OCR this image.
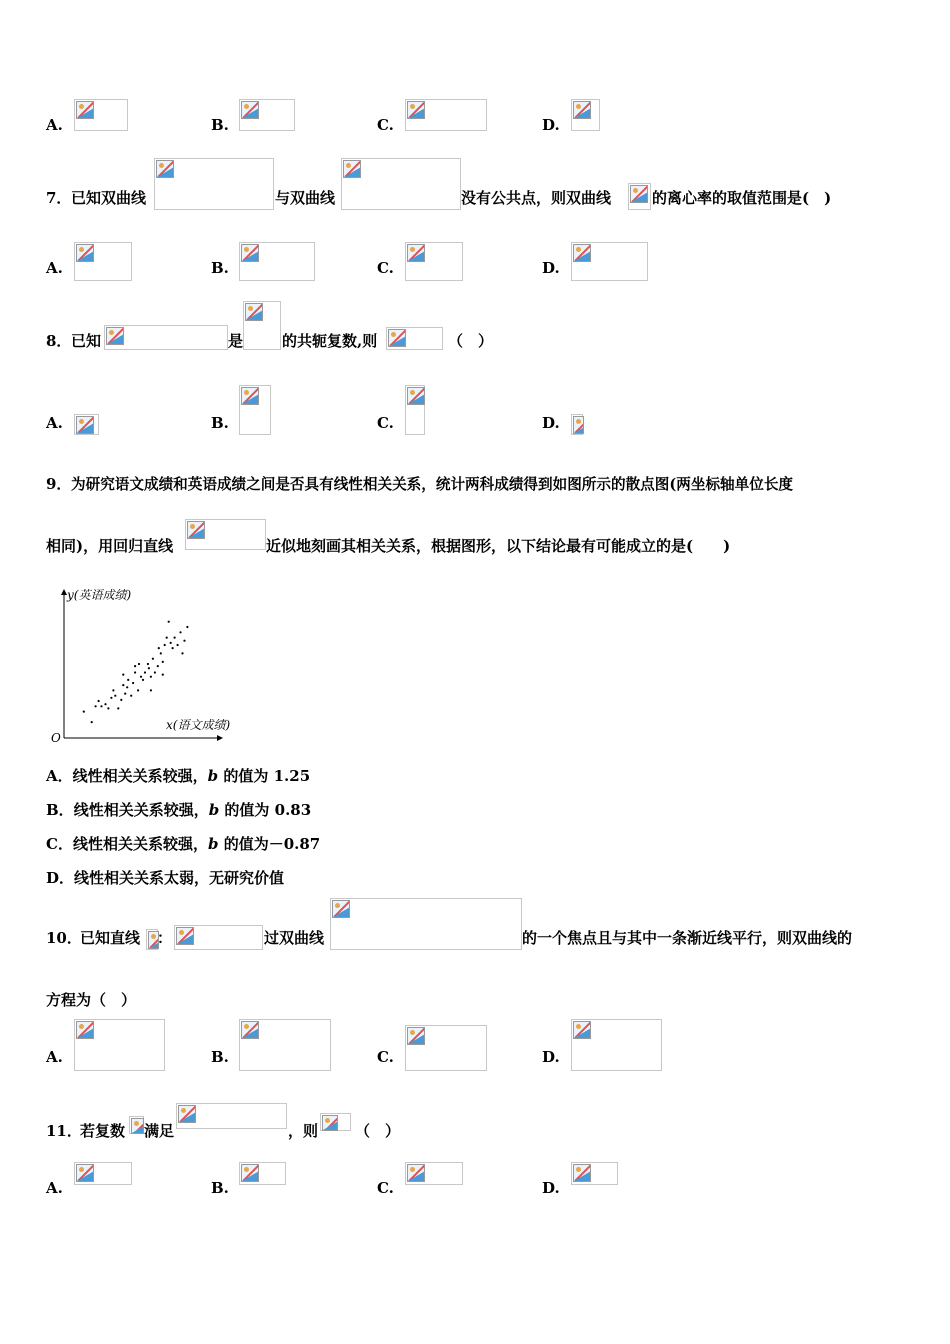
A.	B.	C.	D.
7． 已知双曲线	与双曲线	没有公共点，则双曲线	的离心率的取值范围是(　)
A.	B.	C.	D.
8． 已知	是	的共轭复数,则	（　）
A.	B.	C.	D.
9． 为研究语文成绩和英语成绩之间是否具有线性相关关系，统计两科成绩得到如图所示的散点图(两坐标轴单位长度
相同)，用回归直线	近似地刻画其相关关系，根据图形，以下结论最有可能成立的是(　　)
y(英语成绩)
x(语文成绩)
O
A．线性相关关系较强，b 的值为 1.25
B．线性相关关系较强，b 的值为 0.83
C．线性相关关系较强，b 的值为－0.87
D．线性相关关系太弱，无研究价值
10．
已知直线 ：	过双曲线	的一个焦点且与其中一条渐近线平行，则双曲线的
方程为（　）
A.	B.	C.	D.
11．
若复数 满足	，则 （　）
A.	B.	C.	D.
